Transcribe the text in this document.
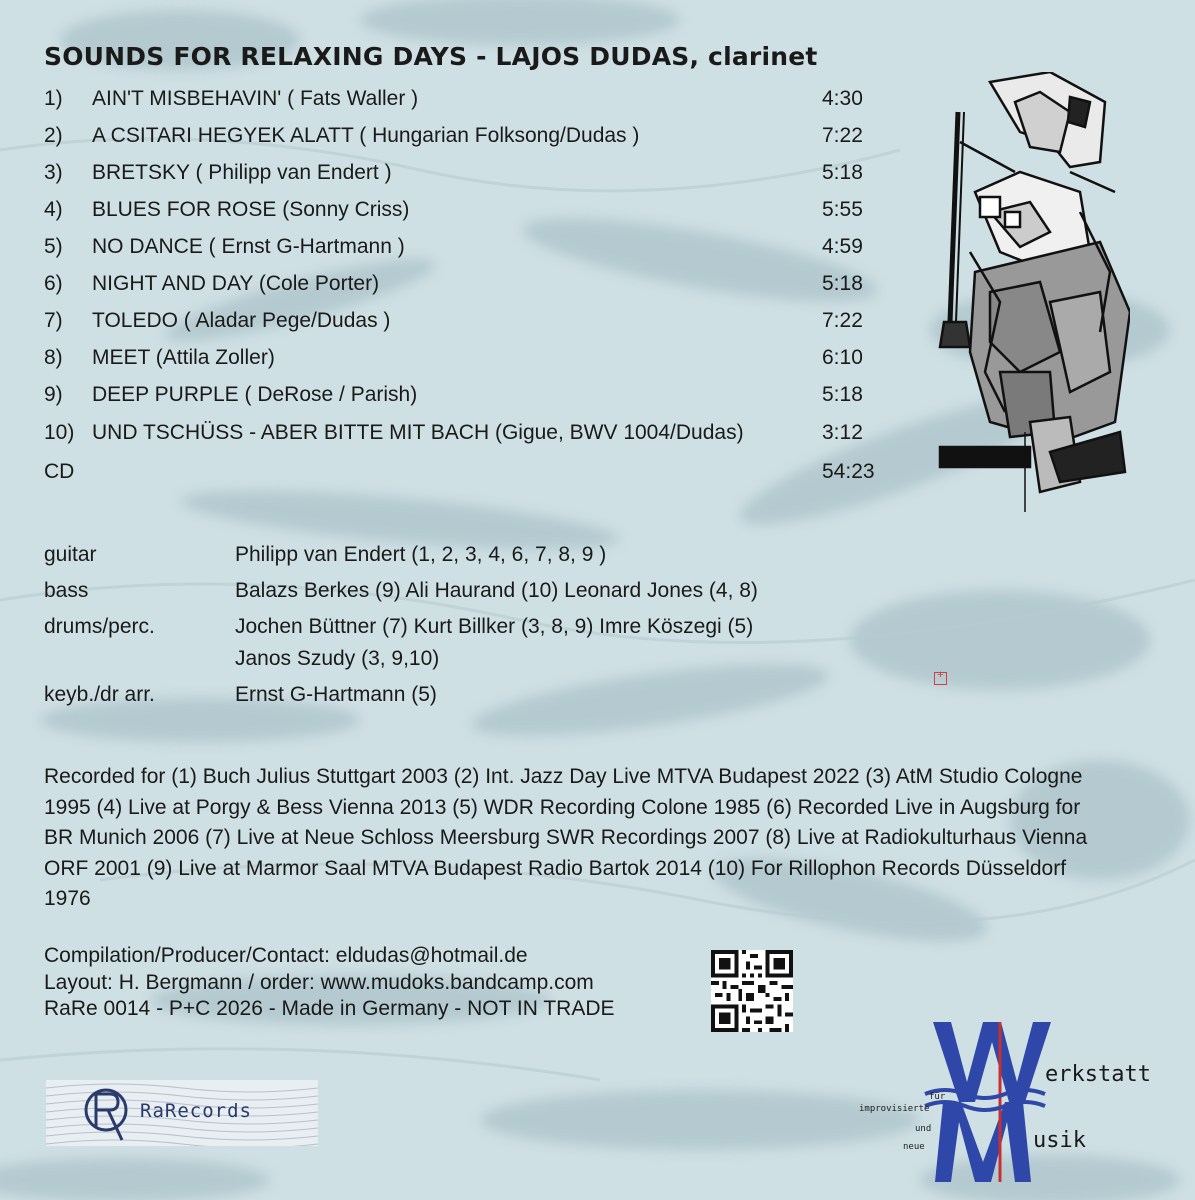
SOUNDS FOR RELAXING DAYS - LAJOS DUDAS, clarinet
1)	AIN'T MISBEHAVIN' ( Fats Waller )	4:30
2)	A CSITARI HEGYEK ALATT ( Hungarian Folksong/Dudas )	7:22
3)	BRETSKY ( Philipp van Endert )	5:18
4)	BLUES FOR ROSE (Sonny Criss)	5:55
5)	NO DANCE ( Ernst G-Hartmann )	4:59
6)	NIGHT AND DAY (Cole Porter)	5:18
7)	TOLEDO ( Aladar Pege/Dudas )	7:22
8)	MEET (Attila Zoller)	6:10
9)	DEEP PURPLE ( DeRose / Parish)	5:18
10) UND TSCHÜSS - ABER BITTE MIT BACH (Gigue, BWV 1004/Dudas)	3:12
CD	54:23
guitar	Philipp van Endert (1, 2, 3, 4, 6, 7, 8, 9 )
bass	Balazs Berkes (9) Ali Haurand (10) Leonard Jones (4, 8)
drums/perc.	Jochen Büttner (7) Kurt Billker (3, 8, 9) Imre Köszegi (5)
Janos Szudy (3, 9,10)
keyb./dr arr.	Ernst G-Hartmann (5)
+
Recorded for (1) Buch Julius Stuttgart 2003 (2) Int. Jazz Day Live MTVA Budapest 2022 (3) AtM Studio Cologne 1995 (4) Live at Porgy & Bess Vienna 2013 (5) WDR Recording Colone 1985 (6) Recorded Live in Augsburg for BR Munich 2006 (7) Live at Neue Schloss Meersburg SWR Recordings 2007 (8) Live at Radiokulturhaus Vienna ORF 2001 (9) Live at Marmor Saal MTVA Budapest Radio Bartok 2014 (10) For Rillophon Records Düsseldorf 1976
Compilation/Producer/Contact: eldudas@hotmail.de
Layout: H. Bergmann / order: www.mudoks.bandcamp.com
RaRe 0014 - P+C 2026 - Made in Germany - NOT IN TRADE
RaRecords
erkstatt
usik
für
improvisierte
und
neue
